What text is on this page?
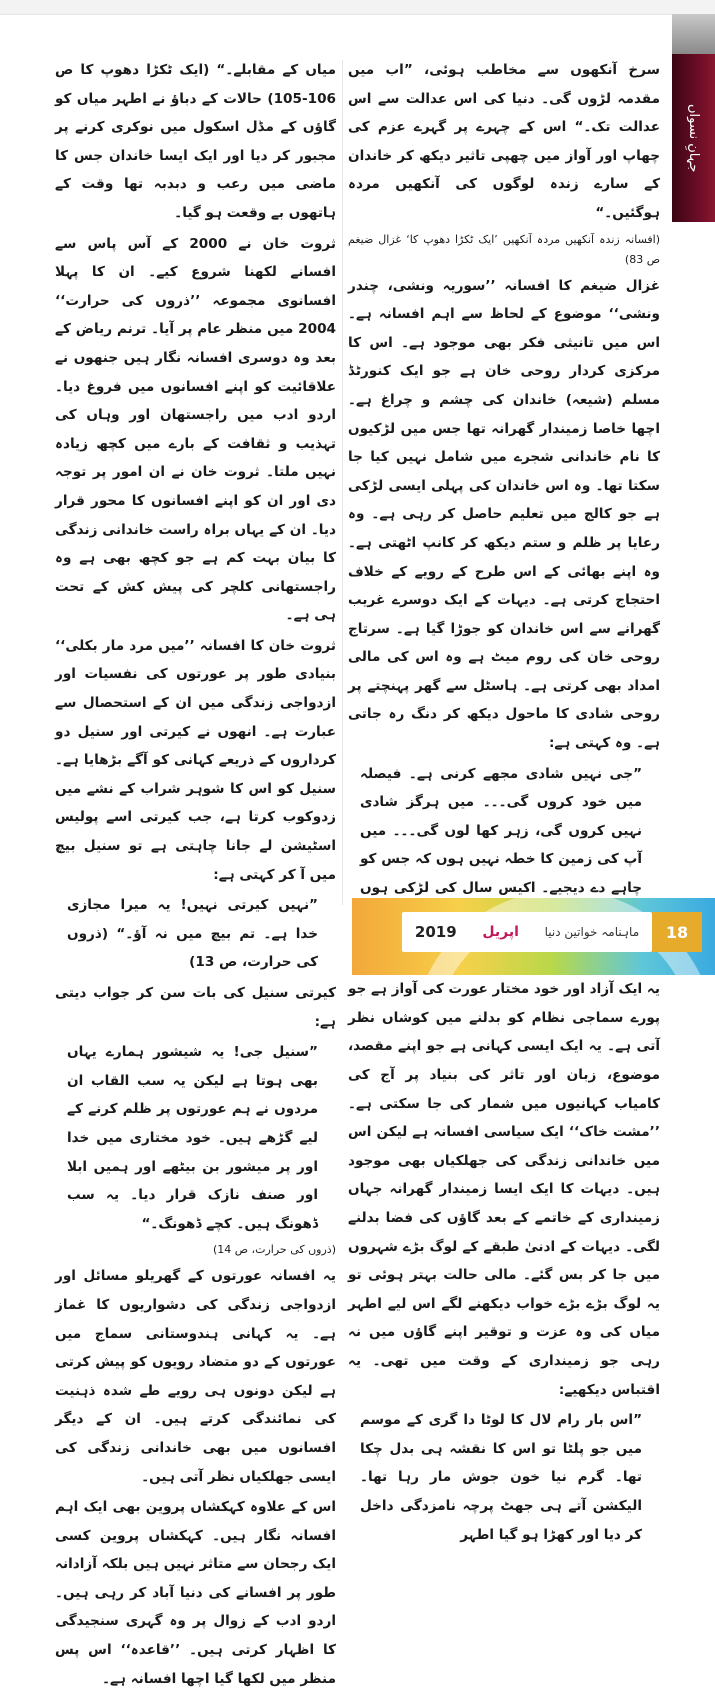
جہانِ نسواں

سرخ آنکھوں سے مخاطب ہوئی، ”اب میں مقدمہ لڑوں گی۔ دنیا کی اس عدالت سے اس عدالت تک۔“ اس کے چہرے پر گہرے عزم کی چھاپ اور آواز میں چھپی تاثیر دیکھ کر خاندان کے سارے زندہ لوگوں کی آنکھیں مردہ ہوگئیں۔“

(افسانہ زندہ آنکھیں مردہ آنکھیں ’ایک ٹکڑا دھوپ کا‘ غزال ضیغم ص 83)

غزال ضیغم کا افسانہ ’’سوریہ ونشی، چندر ونشی‘‘ موضوع کے لحاظ سے اہم افسانہ ہے۔ اس میں تانیثی فکر بھی موجود ہے۔ اس کا مرکزی کردار روحی خان ہے جو ایک کنورٹڈ مسلم (شیعہ) خاندان کی چشم و چراغ ہے۔ اچھا خاصا زمیندار گھرانہ تھا جس میں لڑکیوں کا نام خاندانی شجرے میں شامل نہیں کیا جا سکتا تھا۔ وہ اس خاندان کی پہلی ایسی لڑکی ہے جو کالج میں تعلیم حاصل کر رہی ہے۔ وہ رعایا پر ظلم و ستم دیکھ کر کانپ اٹھتی ہے۔ وہ اپنے بھائی کے اس طرح کے رویے کے خلاف احتجاج کرتی ہے۔ دیہات کے ایک دوسرے غریب گھرانے سے اس خاندان کو جوڑا گیا ہے۔ سرتاج روحی خان کی روم میٹ ہے وہ اس کی مالی امداد بھی کرتی ہے۔ ہاسٹل سے گھر پہنچتے پر روحی شادی کا ماحول دیکھ کر دنگ رہ جاتی ہے۔ وہ کہتی ہے:

”جی نہیں شادی مجھے کرنی ہے۔ فیصلہ میں خود کروں گی۔۔۔ میں ہرگز شادی نہیں کروں گی، زہر کھا لوں گی۔۔۔ میں آپ کی زمین کا خطہ نہیں ہوں کہ جس کو چاہے دے دیجیے۔ اکیس سال کی لڑکی ہوں

یہ ایک آزاد اور خود مختار عورت کی آواز ہے جو پورے سماجی نظام کو بدلنے میں کوشاں نظر آتی ہے۔ یہ ایک ایسی کہانی ہے جو اپنے مقصد، موضوع، زبان اور تاثر کی بنیاد پر آج کی کامیاب کہانیوں میں شمار کی جا سکتی ہے۔ ’’مشت خاک‘‘ ایک سیاسی افسانہ ہے لیکن اس میں خاندانی زندگی کی جھلکیاں بھی موجود ہیں۔ دیہات کا ایک ایسا زمیندار گھرانہ جہاں زمینداری کے خاتمے کے بعد گاؤں کی فضا بدلنے لگی۔ دیہات کے ادنیٰ طبقے کے لوگ بڑے شہروں میں جا کر بس گئے۔ مالی حالت بہتر ہوئی تو یہ لوگ بڑے بڑے خواب دیکھنے لگے اس لیے اطہر میاں کی وہ عزت و توقیر اپنے گاؤں میں نہ رہی جو زمینداری کے وقت میں تھی۔ یہ اقتباس دیکھیے:

”اس بار رام لال کا لوٹا دا گری کے موسم میں جو پلٹا تو اس کا نقشہ ہی بدل چکا تھا۔ گرم نیا خون جوش مار رہا تھا۔ الیکشن آتے ہی جھٹ پرچہ نامزدگی داخل کر دیا اور کھڑا ہو گیا اطہر

میاں کے مقابلے۔“ (ایک ٹکڑا دھوپ کا ص 106-105) حالات کے دباؤ نے اطہر میاں کو گاؤں کے مڈل اسکول میں نوکری کرنے پر مجبور کر دیا اور ایک ایسا خاندان جس کا ماضی میں رعب و دبدبہ تھا وقت کے ہاتھوں بے وقعت ہو گیا۔

ثروت خان نے 2000 کے آس پاس سے افسانے لکھنا شروع کیے۔ ان کا پہلا افسانوی مجموعہ ’’ذروں کی حرارت‘‘ 2004 میں منظر عام پر آیا۔ ترنم ریاض کے بعد وہ دوسری افسانہ نگار ہیں جنھوں نے علاقائیت کو اپنے افسانوں میں فروغ دیا۔ اردو ادب میں راجستھان اور وہاں کی تہذیب و ثقافت کے بارے میں کچھ زیادہ نہیں ملتا۔ ثروت خان نے ان امور پر توجہ دی اور ان کو اپنے افسانوں کا محور قرار دیا۔ ان کے یہاں براہ راست خاندانی زندگی کا بیان بہت کم ہے جو کچھ بھی ہے وہ راجستھانی کلچر کی پیش کش کے تحت ہی ہے۔

ثروت خان کا افسانہ ’’میں مرد مار بکلی‘‘ بنیادی طور پر عورتوں کی نفسیات اور ازدواجی زندگی میں ان کے استحصال سے عبارت ہے۔ انھوں نے کیرتی اور سنیل دو کرداروں کے ذریعے کہانی کو آگے بڑھایا ہے۔ سنیل کو اس کا شوہر شراب کے نشے میں زدوکوب کرتا ہے، جب کیرتی اسے پولیس اسٹیشن لے جانا چاہتی ہے تو سنیل بیچ میں آ کر کہتی ہے:

”نہیں کیرتی نہیں! یہ میرا مجازی خدا ہے۔ تم بیچ میں نہ آؤ۔“ (ذروں کی حرارت، ص 13)

کیرتی سنیل کی بات سن کر جواب دیتی ہے:

”سنیل جی! یہ شیشور ہمارے یہاں بھی ہوتا ہے لیکن یہ سب القاب ان مردوں نے ہم عورتوں پر ظلم کرنے کے لیے گڑھے ہیں۔ خود مختاری میں خدا اور پر میشور بن بیٹھے اور ہمیں ابلا اور صنف نازک قرار دیا۔ یہ سب ڈھونگ ہیں۔ کچے ڈھونگ۔“

(ذروں کی حرارت، ص 14)

یہ افسانہ عورتوں کے گھریلو مسائل اور ازدواجی زندگی کی دشواریوں کا غماز ہے۔ یہ کہانی ہندوستانی سماج میں عورتوں کے دو متضاد رویوں کو پیش کرتی ہے لیکن دونوں ہی رویے طے شدہ ذہنیت کی نمائندگی کرتے ہیں۔ ان کے دیگر افسانوں میں بھی خاندانی زندگی کی ایسی جھلکیاں نظر آتی ہیں۔

اس کے علاوہ کہکشاں پروین بھی ایک اہم افسانہ نگار ہیں۔ کہکشاں پروین کسی ایک رجحان سے متاثر نہیں ہیں بلکہ آزادانہ طور پر افسانے کی دنیا آباد کر رہی ہیں۔ اردو ادب کے زوال پر وہ گہری سنجیدگی کا اظہار کرتی ہیں۔ ’’قاعدہ‘‘ اس پس منظر میں لکھا گیا اچھا افسانہ ہے۔

ماہنامہ خواتین دنیا
اپریل
2019	18
